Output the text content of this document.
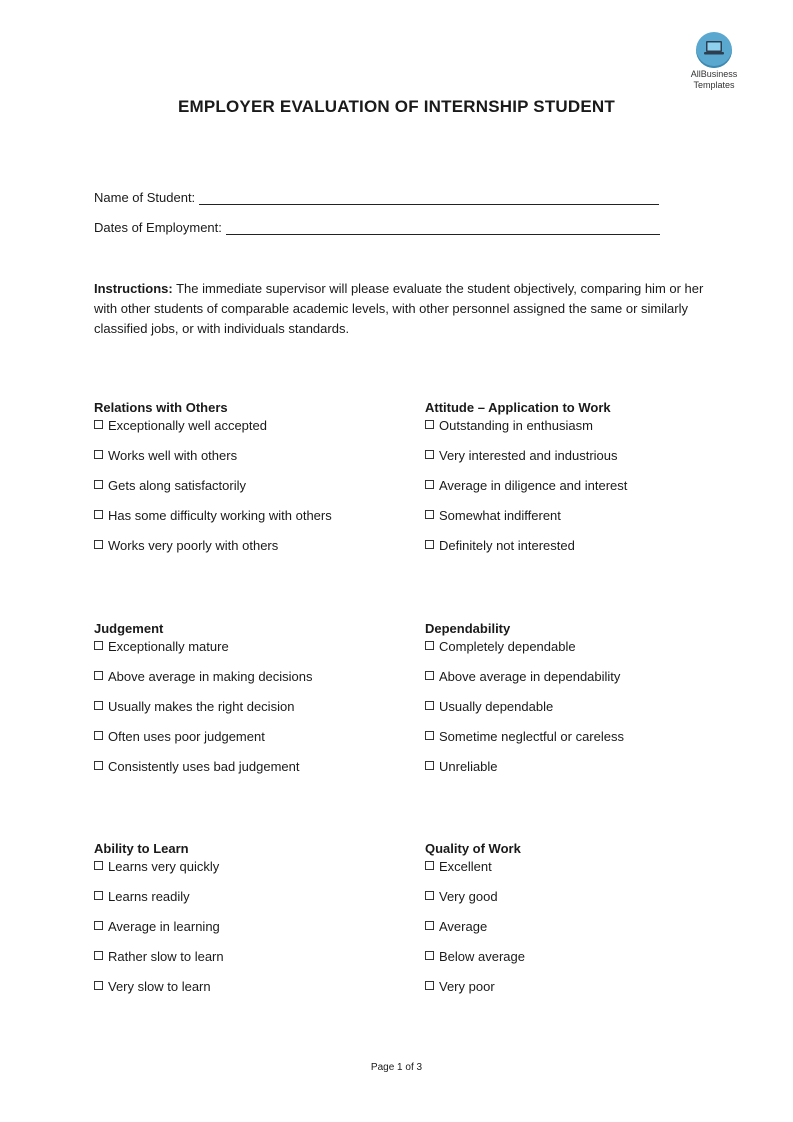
AllBusiness
Templates
EMPLOYER EVALUATION OF INTERNSHIP STUDENT
Name of Student:
Dates of Employment:
Instructions: The immediate supervisor will please evaluate the student objectively, comparing him or her with other students of comparable academic levels, with other personnel assigned the same or similarly classified jobs, or with individuals standards.
Relations with Others
Exceptionally well accepted
Works well with others
Gets along satisfactorily
Has some difficulty working with others
Works very poorly with others
Attitude – Application to Work
Outstanding in enthusiasm
Very interested and industrious
Average in diligence and interest
Somewhat indifferent
Definitely not interested
Judgement
Exceptionally mature
Above average in making decisions
Usually makes the right decision
Often uses poor judgement
Consistently uses bad judgement
Dependability
Completely dependable
Above average in dependability
Usually dependable
Sometime neglectful or careless
Unreliable
Ability to Learn
Learns very quickly
Learns readily
Average in learning
Rather slow to learn
Very slow to learn
Quality of Work
Excellent
Very good
Average
Below average
Very poor
Page 1 of 3
